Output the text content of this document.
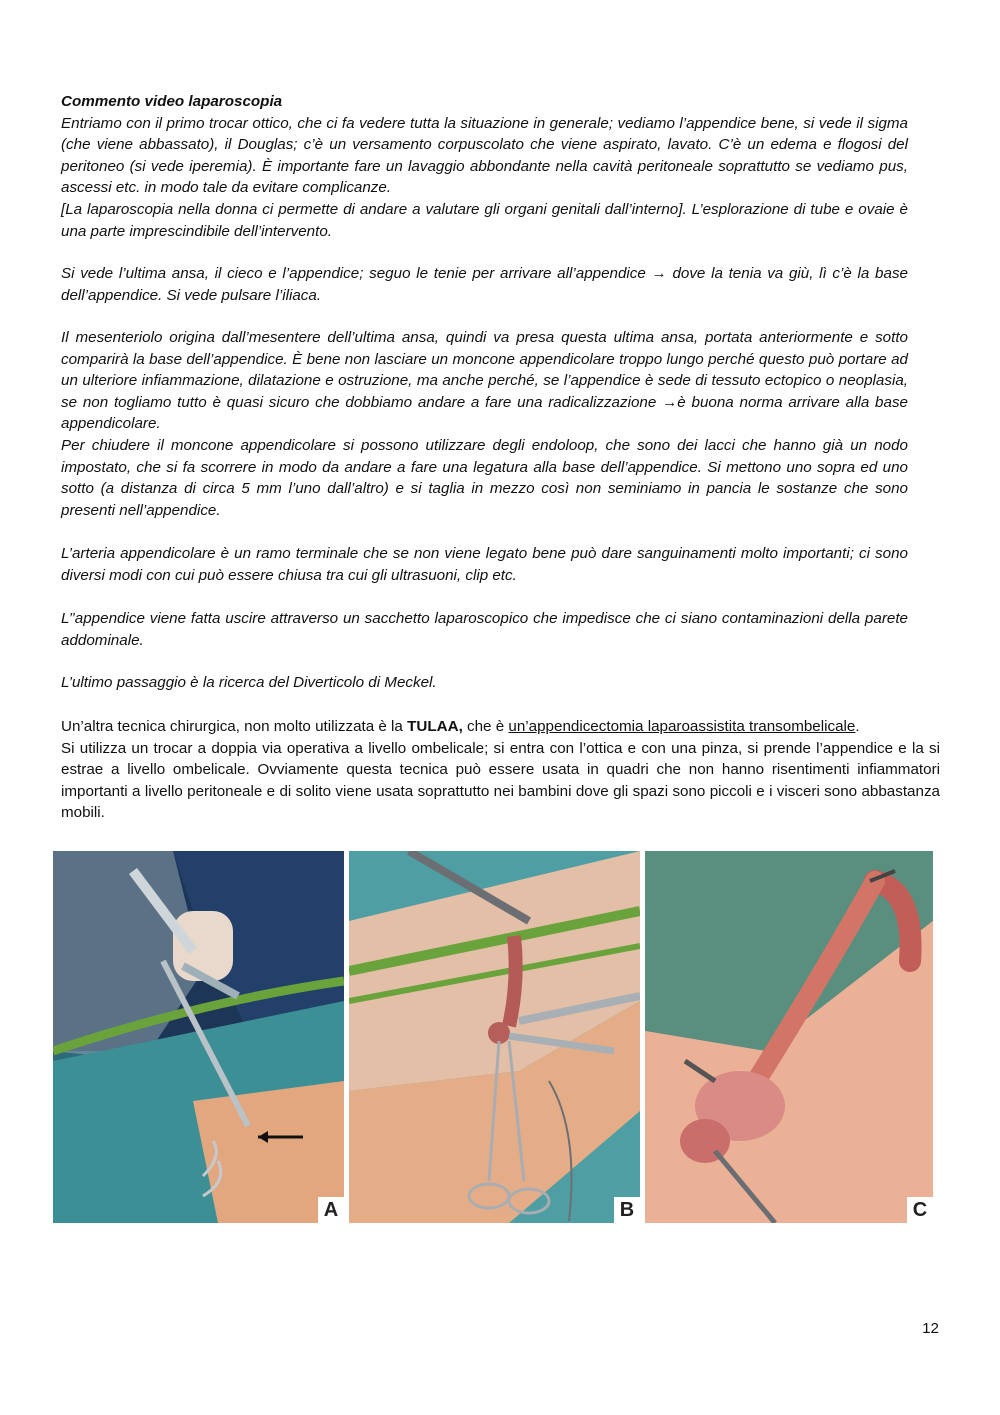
Commento video laparoscopia

Entriamo con il primo trocar ottico, che ci fa vedere tutta la situazione in generale; vediamo l’appendice bene, si vede il sigma (che viene abbassato), il Douglas; c’è un versamento corpuscolato che viene aspirato, lavato. C’è un edema e flogosi del peritoneo (si vede iperemia). È importante fare un lavaggio abbondante nella cavità peritoneale soprattutto se vediamo pus, ascessi etc. in modo tale da evitare complicanze.

[La laparoscopia nella donna ci permette di andare a valutare gli organi genitali dall’interno]. L’esplorazione di tube e ovaie è una parte imprescindibile dell’intervento.

Si vede l’ultima ansa, il cieco e l’appendice; seguo le tenie per arrivare all’appendice → dove la tenia va giù, lì c’è la base dell’appendice. Si vede pulsare l’iliaca.

Il mesenteriolo origina dall’mesentere dell’ultima ansa, quindi va presa questa ultima ansa, portata anteriormente e sotto comparirà la base dell’appendice. È bene non lasciare un moncone appendicolare troppo lungo perché questo può portare ad un ulteriore infiammazione, dilatazione e ostruzione, ma anche perché, se l’appendice è sede di tessuto ectopico o neoplasia, se non togliamo tutto è quasi sicuro che dobbiamo andare a fare una radicalizzazione →è buona norma arrivare alla base appendicolare.

Per chiudere il moncone appendicolare si possono utilizzare degli endoloop, che sono dei lacci che hanno già un nodo impostato, che si fa scorrere in modo da andare a fare una legatura alla base dell’appendice. Si mettono uno sopra ed uno sotto (a distanza di circa 5 mm l’uno dall’altro) e si taglia in mezzo così non seminiamo in pancia le sostanze che sono presenti nell’appendice.

L’arteria appendicolare è un ramo terminale che se non viene legato bene può dare sanguinamenti molto importanti; ci sono diversi modi con cui può essere chiusa tra cui gli ultrasuoni, clip etc.

L’’appendice viene fatta uscire attraverso un sacchetto laparoscopico che impedisce che ci siano contaminazioni della parete addominale.

L’ultimo passaggio è la ricerca del Diverticolo di Meckel.

Un’altra tecnica chirurgica, non molto utilizzata è la TULAA, che è un’appendicectomia laparoassistita transombelicale.

Si utilizza un trocar a doppia via operativa a livello ombelicale; si entra con l’ottica e con una pinza, si prende l’appendice e la si estrae a livello ombelicale. Ovviamente questa tecnica può essere usata in quadri che non hanno risentimenti infiammatori importanti a livello peritoneale e di solito viene usata soprattutto nei bambini dove gli spazi sono piccoli e i visceri sono abbastanza mobili.

A	B	C
12
